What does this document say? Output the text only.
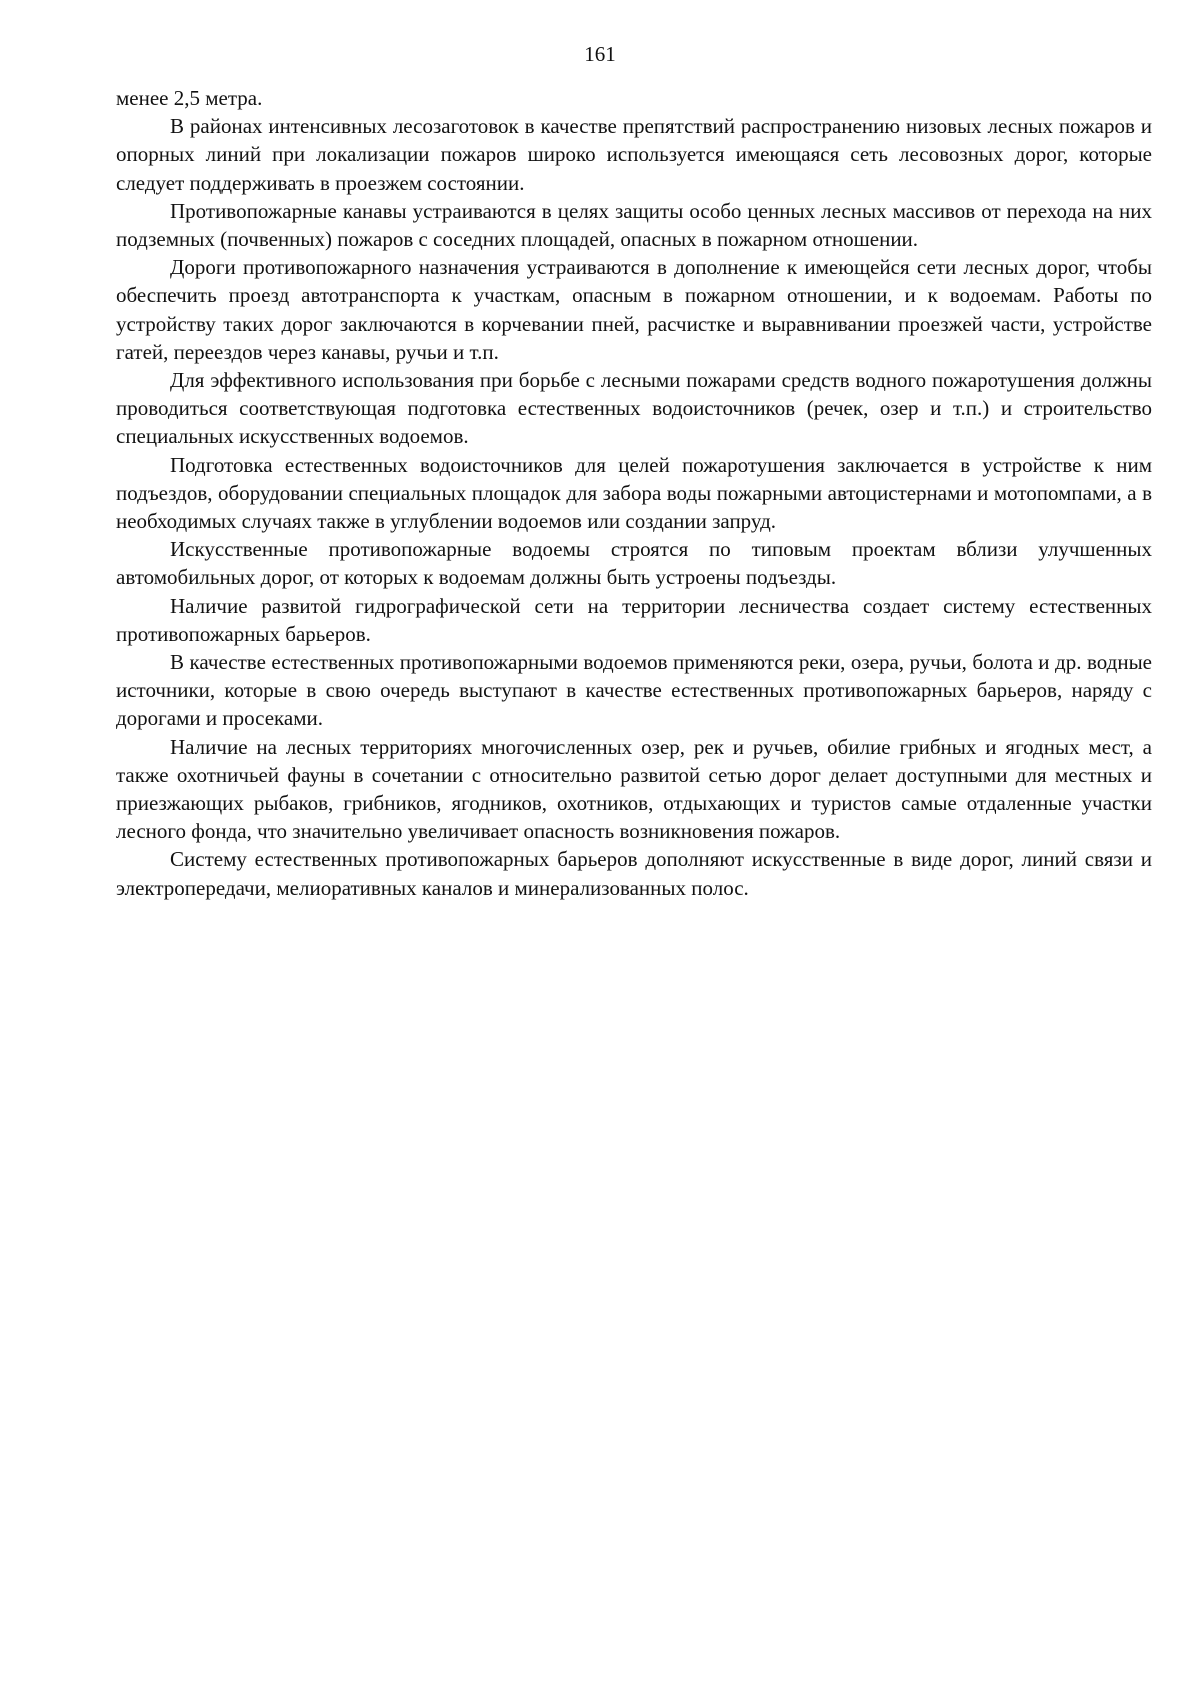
161

менее 2,5 метра.

В районах интенсивных лесозаготовок в качестве препятствий распространению низовых лесных пожаров и опорных линий при локализации пожаров широко используется имеющаяся сеть лесовозных дорог, которые следует поддерживать в проезжем состоянии.

Противопожарные канавы устраиваются в целях защиты особо ценных лесных массивов от перехода на них подземных (почвенных) пожаров с соседних площадей, опасных в пожарном отношении.

Дороги противопожарного назначения устраиваются в дополнение к имеющейся сети лесных дорог, чтобы обеспечить проезд автотранспорта к участкам, опасным в пожарном отношении, и к водоемам. Работы по устройству таких дорог заключаются в корчевании пней, расчистке и выравнивании проезжей части, устройстве гатей, переездов через канавы, ручьи и т.п.

Для эффективного использования при борьбе с лесными пожарами средств водного пожаротушения должны проводиться соответствующая подготовка естественных водоисточников (речек, озер и т.п.) и строительство специальных искусственных водоемов.

Подготовка естественных водоисточников для целей пожаротушения заключается в устройстве к ним подъездов, оборудовании специальных площадок для забора воды пожарными автоцистернами и мотопомпами, а в необходимых случаях также в углублении водоемов или создании запруд.

Искусственные противопожарные водоемы строятся по типовым проектам вблизи улучшенных автомобильных дорог, от которых к водоемам должны быть устроены подъезды.

Наличие развитой гидрографической сети на территории лесничества создает систему естественных противопожарных барьеров.

В качестве естественных противопожарными водоемов применяются реки, озера, ручьи, болота и др. водные источники, которые в свою очередь выступают в качестве естественных противопожарных барьеров, наряду с дорогами и просеками.

Наличие на лесных территориях многочисленных озер, рек и ручьев, обилие грибных и ягодных мест, а также охотничьей фауны в сочетании с относительно развитой сетью дорог делает доступными для местных и приезжающих рыбаков, грибников, ягодников, охотников, отдыхающих и туристов самые отдаленные участки лесного фонда, что значительно увеличивает опасность возникновения пожаров.

Систему естественных противопожарных барьеров дополняют искусственные в виде дорог, линий связи и электропередачи, мелиоративных каналов и минерализованных полос.
